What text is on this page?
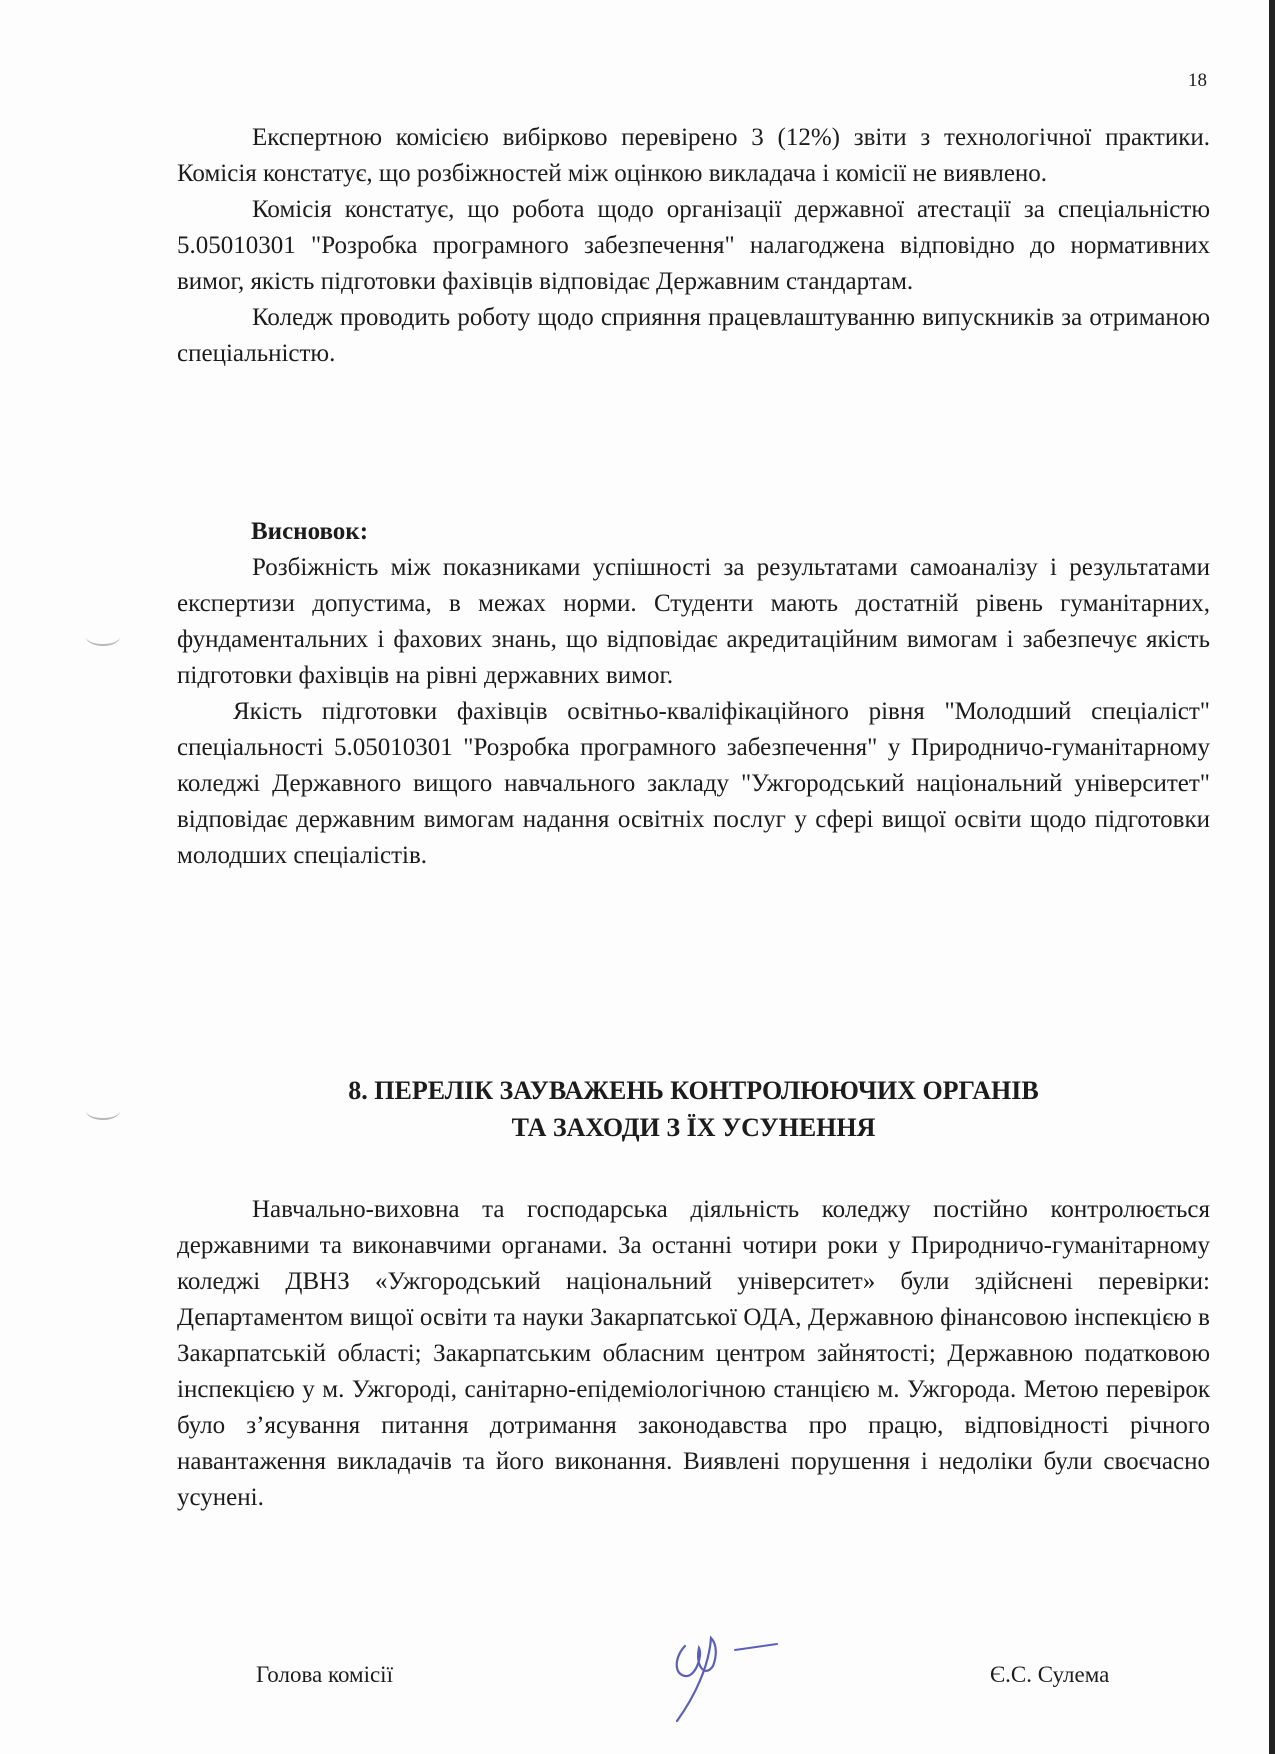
18

Експертною комісією вибірково перевірено 3 (12%) звіти з технологічної практики. Комісія констатує, що розбіжностей між оцінкою викладача і комісії не виявлено.

Комісія констатує, що робота щодо організації державної атестації за спеціальністю 5.05010301 "Розробка програмного забезпечення" налагоджена відповідно до нормативних вимог, якість підготовки фахівців відповідає Державним стандартам.

Коледж проводить роботу щодо сприяння працевлаштуванню випускників за отриманою спеціальністю.

Висновок:

Розбіжність між показниками успішності за результатами самоаналізу і результатами експертизи допустима, в межах норми. Студенти мають достатній рівень гуманітарних, фундаментальних і фахових знань, що відповідає акредитаційним вимогам і забезпечує якість підготовки фахівців на рівні державних вимог.

Якість підготовки фахівців освітньо-кваліфікаційного рівня "Молодший спеціаліст" спеціальності 5.05010301 "Розробка програмного забезпечення" у Природничо-гуманітарному коледжі Державного вищого навчального закладу "Ужгородський національний університет" відповідає державним вимогам надання освітніх послуг у сфері вищої освіти щодо підготовки молодших спеціалістів.

8. ПЕРЕЛІК ЗАУВАЖЕНЬ КОНТРОЛЮЮЧИХ ОРГАНІВ
ТА ЗАХОДИ З ЇХ УСУНЕННЯ

Навчально-виховна та господарська діяльність коледжу постійно контролюється державними та виконавчими органами. За останні чотири роки у Природничо-гуманітарному коледжі ДВНЗ «Ужгородський національний університет» були здійснені перевірки: Департаментом вищої освіти та науки Закарпатської ОДА, Державною фінансовою інспекцією в Закарпатській області; Закарпатським обласним центром зайнятості; Державною податковою інспекцією у м. Ужгороді, санітарно-епідеміологічною станцією м. Ужгорода. Метою перевірок було з’ясування питання дотримання законодавства про працю, відповідності річного навантаження викладачів та його виконання. Виявлені порушення і недоліки були своєчасно усунені.

Голова комісії	Є.С. Сулема
